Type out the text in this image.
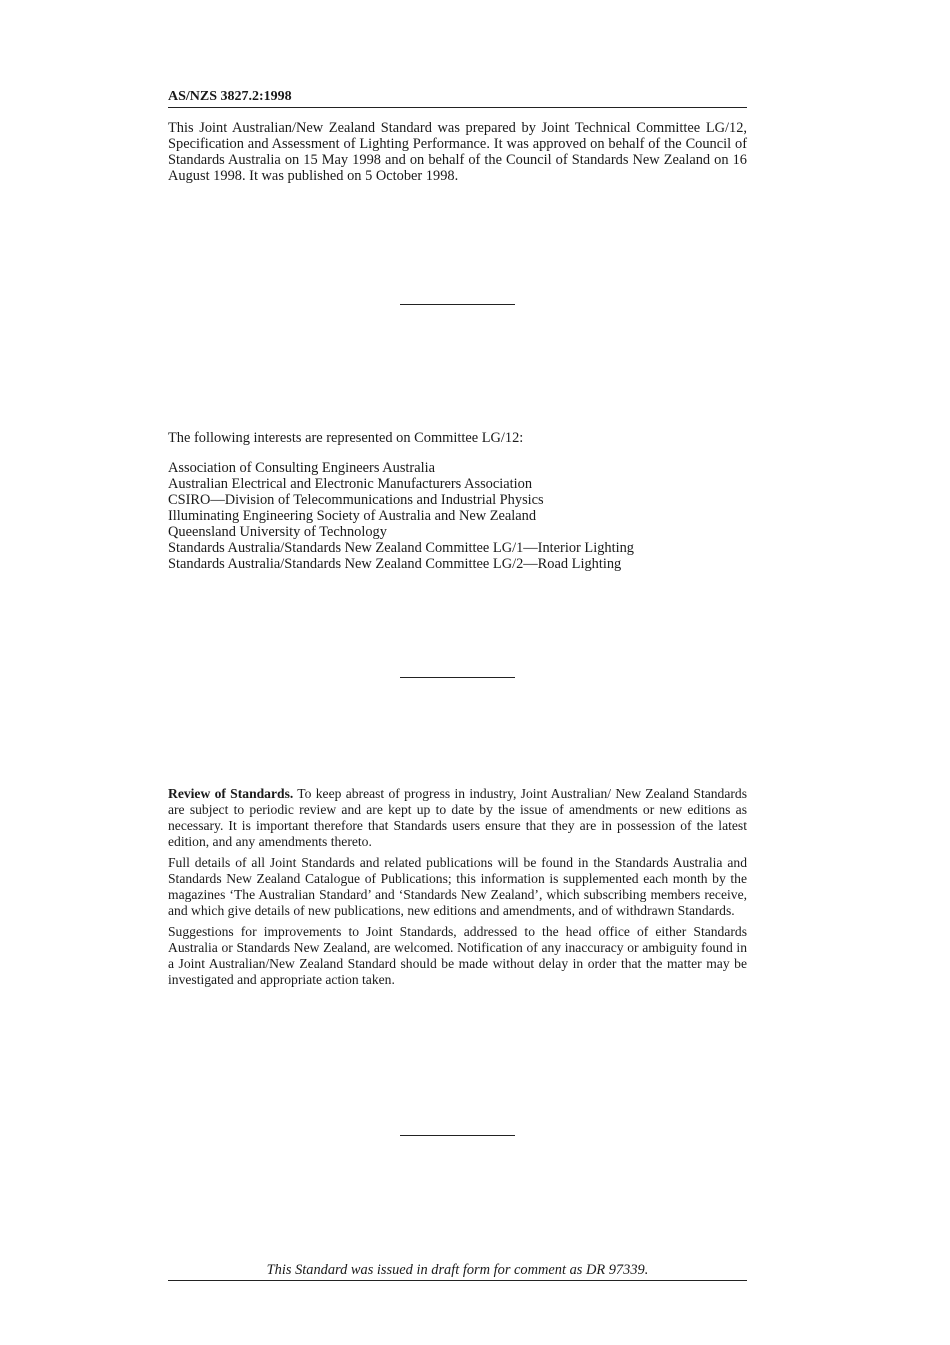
AS/NZS 3827.2:1998

This Joint Australian/New Zealand Standard was prepared by Joint Technical Committee LG/12, Specification and Assessment of Lighting Performance. It was approved on behalf of the Council of Standards Australia on 15 May 1998 and on behalf of the Council of Standards New Zealand on 16 August 1998. It was published on 5 October 1998.

The following interests are represented on Committee LG/12:

Association of Consulting Engineers Australia
Australian Electrical and Electronic Manufacturers Association
CSIRO—Division of Telecommunications and Industrial Physics
Illuminating Engineering Society of Australia and New Zealand
Queensland University of Technology
Standards Australia/Standards New Zealand Committee LG/1—Interior Lighting
Standards Australia/Standards New Zealand Committee LG/2—Road Lighting

Review of Standards. To keep abreast of progress in industry, Joint Australian/ New Zealand Standards are subject to periodic review and are kept up to date by the issue of amendments or new editions as necessary. It is important therefore that Standards users ensure that they are in possession of the latest edition, and any amendments thereto.

Full details of all Joint Standards and related publications will be found in the Standards Australia and Standards New Zealand Catalogue of Publications; this information is supplemented each month by the magazines ‘The Australian Standard’ and ‘Standards New Zealand’, which subscribing members receive, and which give details of new publications, new editions and amendments, and of withdrawn Standards.

Suggestions for improvements to Joint Standards, addressed to the head office of either Standards Australia or Standards New Zealand, are welcomed. Notification of any inaccuracy or ambiguity found in a Joint Australian/New Zealand Standard should be made without delay in order that the matter may be investigated and appropriate action taken.

This Standard was issued in draft form for comment as DR 97339.
